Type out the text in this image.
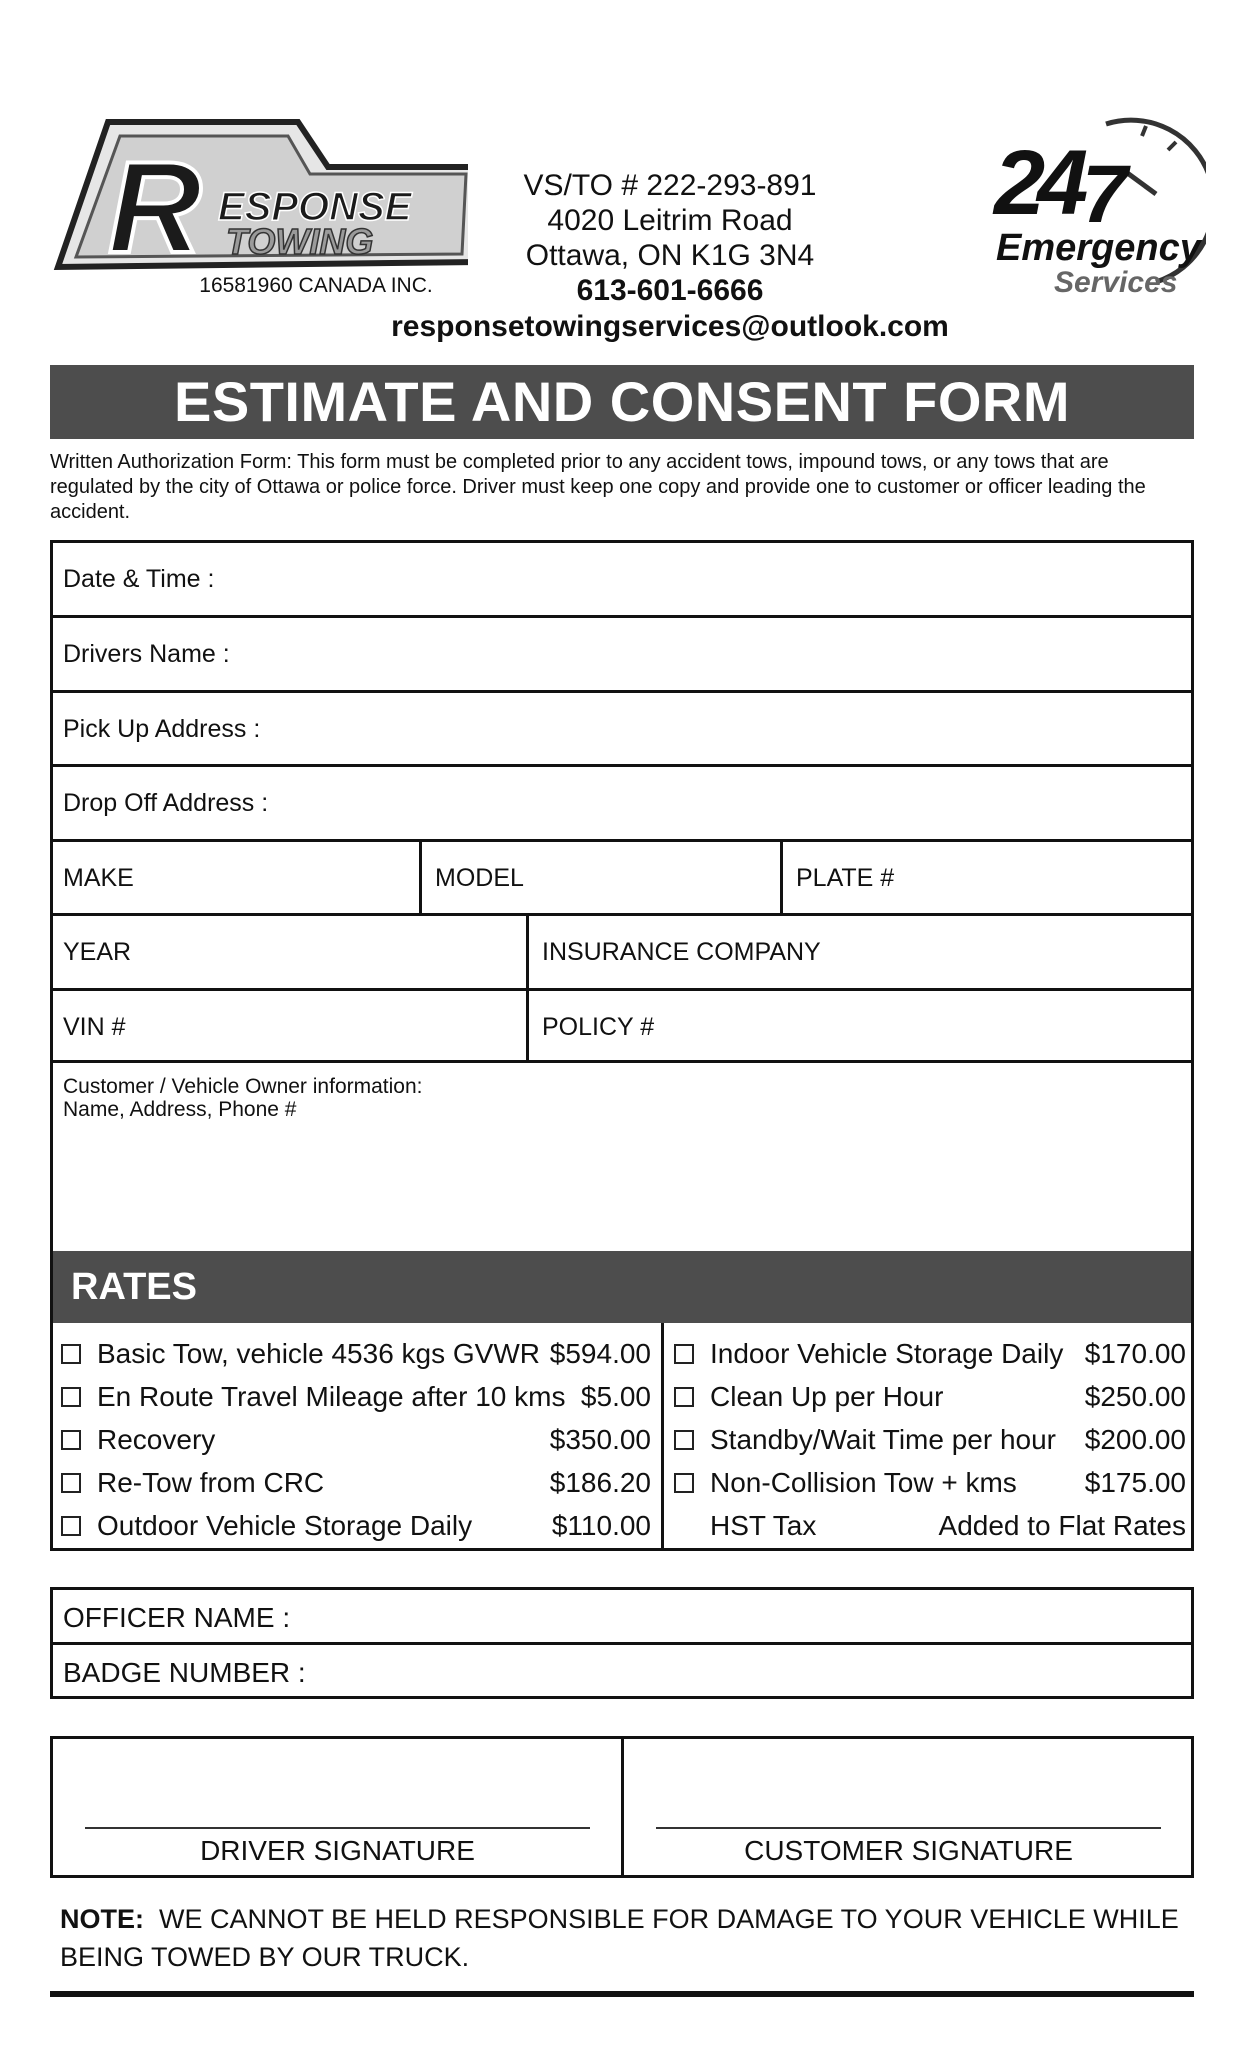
R ESPONSE
TOWING
16581960 CANADA INC.
VS/TO # 222-293-891
4020 Leitrim Road
Ottawa, ON K1G 3N4
613-601-6666
responsetowingservices@outlook.com
24 7
Emergency
Services
ESTIMATE AND CONSENT FORM
Written Authorization Form: This form must be completed prior to any accident tows, impound tows, or any tows that are regulated by the city of Ottawa or police force. Driver must keep one copy and provide one to customer or officer leading the accident.
Date & Time :
Drivers Name :
Pick Up Address :
Drop Off Address :
MAKE	MODEL	PLATE #
YEAR	INSURANCE COMPANY
VIN #	POLICY #
Customer / Vehicle Owner information:
Name, Address, Phone #
RATES
Basic Tow, vehicle 4536 kgs GVWR $594.00
En Route Travel Mileage after 10 kms $5.00
Recovery	$350.00
Re-Tow from CRC	$186.20
Outdoor Vehicle Storage Daily	$110.00
Indoor Vehicle Storage Daily $170.00
Clean Up per Hour	$250.00
Standby/Wait Time per hour $200.00
Non-Collision Tow + kms $175.00
HST Tax	Added to Flat Rates
OFFICER NAME :
BADGE NUMBER :
DRIVER SIGNATURE	CUSTOMER SIGNATURE
NOTE: WE CANNOT BE HELD RESPONSIBLE FOR DAMAGE TO YOUR VEHICLE WHILE BEING TOWED BY OUR TRUCK.
